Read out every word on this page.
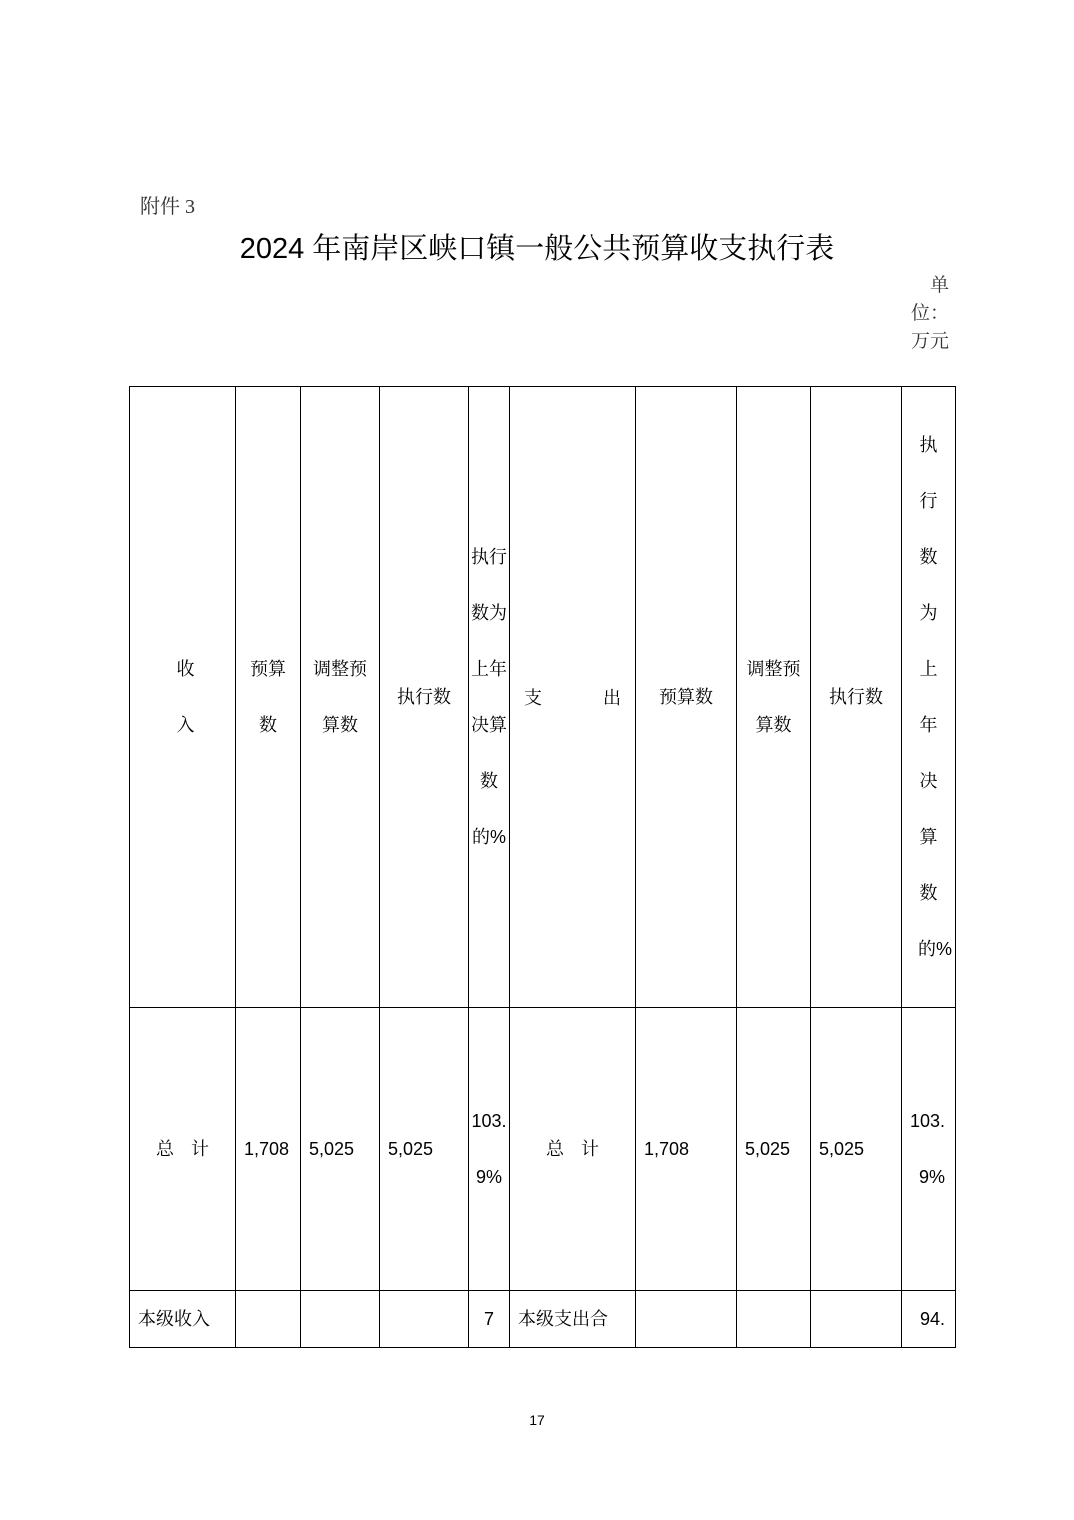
附件 3
2024 年南岸区峡口镇一般公共预算收支执行表
单位：万元
收入	预算数	调整预算数	执行数	执行数为上年决算数的%	支 出	预算数	调整预算数	执行数	执行数为上年决算数的%

总 计	1,708	5,025	5,025	103.9%	总 计	1,708	5,025	5,025	103.9%

本级收入				7	本级支出合				94.
17
